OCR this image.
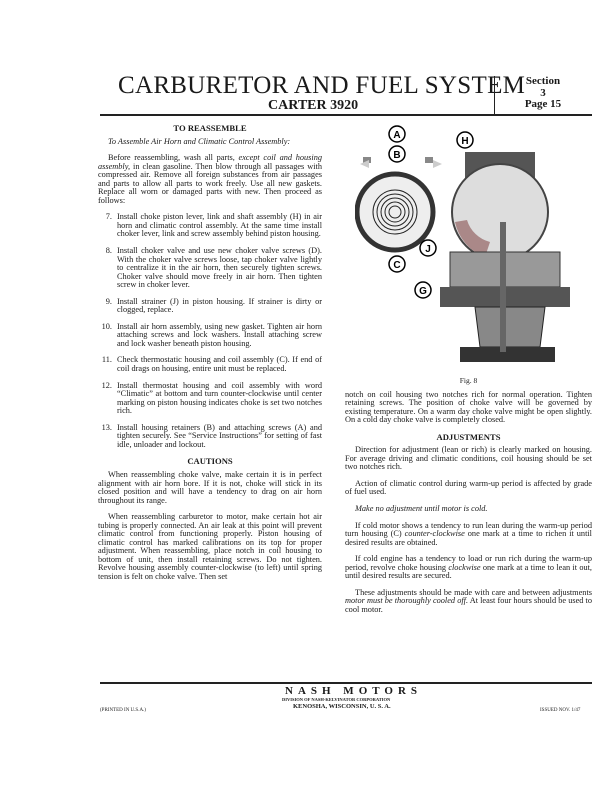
CARBURETOR AND FUEL SYSTEM
CARTER 3920
Section
3
Page 15
TO REASSEMBLE

To Assemble Air Horn and Climatic Control Assembly:

Before reassembling, wash all parts, except coil and housing assembly, in clean gasoline. Then blow through all passages with compressed air. Remove all foreign substances from air passages and parts to allow all parts to work freely. Use all new gaskets. Replace all worn or damaged parts with new. Then proceed as follows:

7. Install choke piston lever, link and shaft assembly (H) in air horn and climatic control assembly. At the same time install choker lever, link and screw assembly behind piston housing.
8. Install choker valve and use new choker valve screws (D). With the choker valve screws loose, tap choker valve lightly to centralize it in the air horn, then securely tighten screws. Choker valve should move freely in air horn. Then tighten screw in choker lever.
9. Install strainer (J) in piston housing. If strainer is dirty or clogged, replace.
10. Install air horn assembly, using new gasket. Tighten air horn attaching screws and lock washers. Install attaching screw and lock washer beneath piston housing.
11. Check thermostatic housing and coil assembly (C). If end of coil drags on housing, entire unit must be replaced.
12. Install thermostat housing and coil assembly with word “Climatic” at bottom and turn counter-clockwise until center marking on piston housing indicates choke is set two notches rich.
13. Install housing retainers (B) and attaching screws (A) and tighten securely. See “Service Instructions” for setting of fast idle, unloader and lockout.
CAUTIONS

When reassembling choke valve, make certain it is in perfect alignment with air horn bore. If it is not, choke will stick in its closed position and will have a tendency to drag on air horn throughout its range.

When reassembling carburetor to motor, make certain hot air tubing is properly connected. An air leak at this point will prevent climatic control from functioning properly. Piston housing of climatic control has marked calibrations on its top for proper adjustment. When reassembling, place notch in coil housing to bottom of unit, then install retaining screws. Do not tighten. Revolve housing assembly counter-clockwise (to left) until spring tension is felt on choke valve. Then set

A
B
C
G
H
J
Fig. 8

notch on coil housing two notches rich for normal operation. Tighten retaining screws. The position of choke valve will be governed by existing temperature. On a warm day choke valve might be open slightly. On a cold day choke valve is completely closed.

ADJUSTMENTS

Direction for adjustment (lean or rich) is clearly marked on housing. For average driving and climatic conditions, coil housing should be set two notches rich.

Action of climatic control during warm-up period is affected by grade of fuel used.

Make no adjustment until motor is cold.

If cold motor shows a tendency to run lean during the warm-up period turn housing (C) counter-clockwise one mark at a time to richen it until desired results are obtained.

If cold engine has a tendency to load or run rich during the warm-up period, revolve choke housing clockwise one mark at a time to lean it out, until desired results are secured.

These adjustments should be made with care and between adjustments motor must be thoroughly cooled off. At least four hours should be used to cool motor.

NASH MOTORS
DIVISION OF NASH-KELVINATOR CORPORATION
KENOSHA, WISCONSIN, U. S. A.
(PRINTED IN U.S.A.)	ISSUED NOV. 1/47
